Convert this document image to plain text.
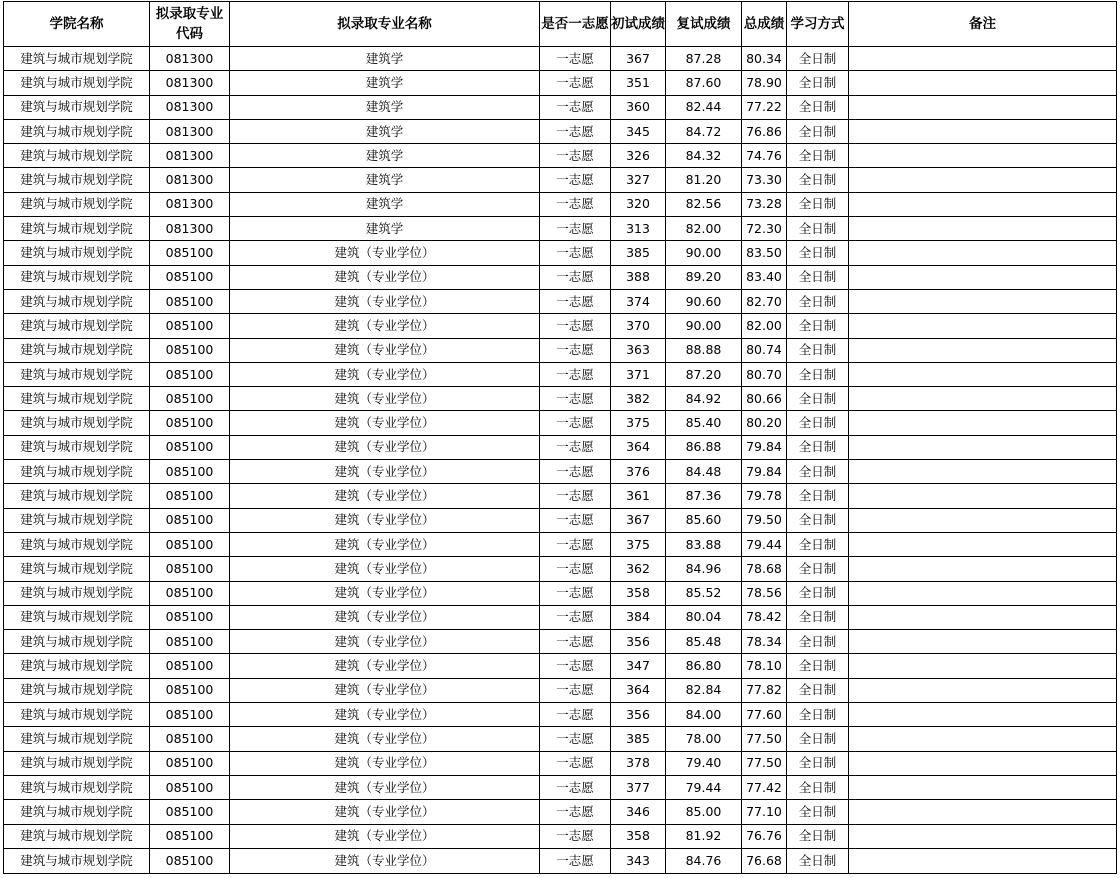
学院名称	拟录取专业代码	拟录取专业名称	是否一志愿	初试成绩	复试成绩	总成绩	学习方式	备注
建筑与城市规划学院	081300	建筑学	一志愿	367	87.28	80.34	全日制	
建筑与城市规划学院	081300	建筑学	一志愿	351	87.60	78.90	全日制	
建筑与城市规划学院	081300	建筑学	一志愿	360	82.44	77.22	全日制	
建筑与城市规划学院	081300	建筑学	一志愿	345	84.72	76.86	全日制	
建筑与城市规划学院	081300	建筑学	一志愿	326	84.32	74.76	全日制	
建筑与城市规划学院	081300	建筑学	一志愿	327	81.20	73.30	全日制	
建筑与城市规划学院	081300	建筑学	一志愿	320	82.56	73.28	全日制	
建筑与城市规划学院	081300	建筑学	一志愿	313	82.00	72.30	全日制	
建筑与城市规划学院	085100	建筑（专业学位）	一志愿	385	90.00	83.50	全日制	
建筑与城市规划学院	085100	建筑（专业学位）	一志愿	388	89.20	83.40	全日制	
建筑与城市规划学院	085100	建筑（专业学位）	一志愿	374	90.60	82.70	全日制	
建筑与城市规划学院	085100	建筑（专业学位）	一志愿	370	90.00	82.00	全日制	
建筑与城市规划学院	085100	建筑（专业学位）	一志愿	363	88.88	80.74	全日制	
建筑与城市规划学院	085100	建筑（专业学位）	一志愿	371	87.20	80.70	全日制	
建筑与城市规划学院	085100	建筑（专业学位）	一志愿	382	84.92	80.66	全日制	
建筑与城市规划学院	085100	建筑（专业学位）	一志愿	375	85.40	80.20	全日制	
建筑与城市规划学院	085100	建筑（专业学位）	一志愿	364	86.88	79.84	全日制	
建筑与城市规划学院	085100	建筑（专业学位）	一志愿	376	84.48	79.84	全日制	
建筑与城市规划学院	085100	建筑（专业学位）	一志愿	361	87.36	79.78	全日制	
建筑与城市规划学院	085100	建筑（专业学位）	一志愿	367	85.60	79.50	全日制	
建筑与城市规划学院	085100	建筑（专业学位）	一志愿	375	83.88	79.44	全日制	
建筑与城市规划学院	085100	建筑（专业学位）	一志愿	362	84.96	78.68	全日制	
建筑与城市规划学院	085100	建筑（专业学位）	一志愿	358	85.52	78.56	全日制	
建筑与城市规划学院	085100	建筑（专业学位）	一志愿	384	80.04	78.42	全日制	
建筑与城市规划学院	085100	建筑（专业学位）	一志愿	356	85.48	78.34	全日制	
建筑与城市规划学院	085100	建筑（专业学位）	一志愿	347	86.80	78.10	全日制	
建筑与城市规划学院	085100	建筑（专业学位）	一志愿	364	82.84	77.82	全日制	
建筑与城市规划学院	085100	建筑（专业学位）	一志愿	356	84.00	77.60	全日制	
建筑与城市规划学院	085100	建筑（专业学位）	一志愿	385	78.00	77.50	全日制	
建筑与城市规划学院	085100	建筑（专业学位）	一志愿	378	79.40	77.50	全日制	
建筑与城市规划学院	085100	建筑（专业学位）	一志愿	377	79.44	77.42	全日制	
建筑与城市规划学院	085100	建筑（专业学位）	一志愿	346	85.00	77.10	全日制	
建筑与城市规划学院	085100	建筑（专业学位）	一志愿	358	81.92	76.76	全日制	
建筑与城市规划学院	085100	建筑（专业学位）	一志愿	343	84.76	76.68	全日制	
